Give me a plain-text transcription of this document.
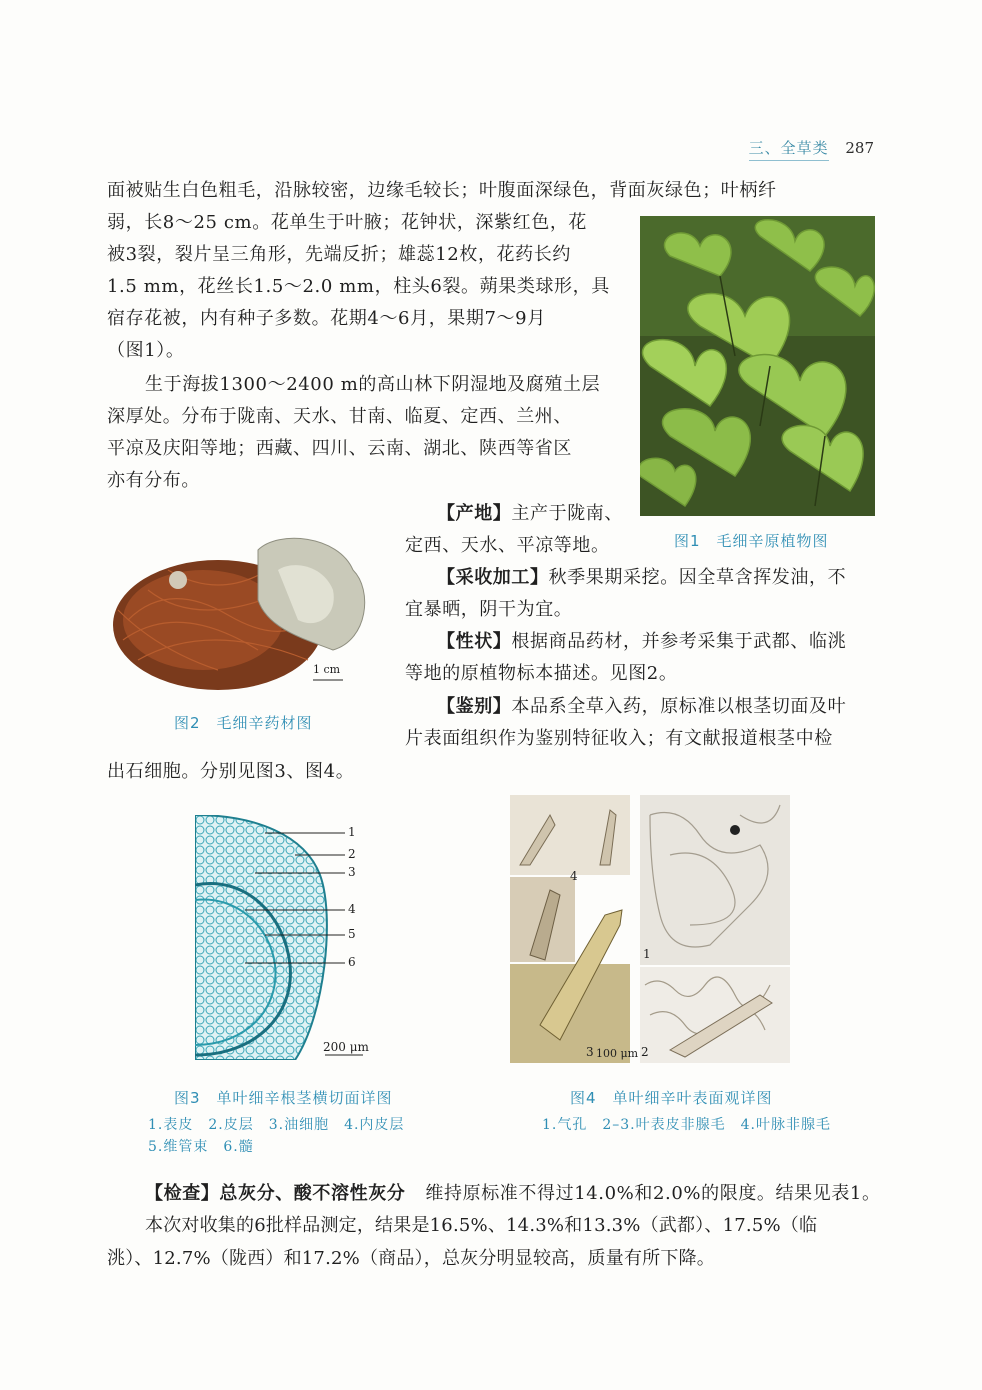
三、全草类 287
面被贴生白色粗毛，沿脉较密，边缘毛较长；叶腹面深绿色，背面灰绿色；叶柄纤
弱，长8～25 cm。花单生于叶腋；花钟状，深紫红色，花
被3裂，裂片呈三角形，先端反折；雄蕊12枚，花药长约
1.5 mm，花丝长1.5～2.0 mm，柱头6裂。蒴果类球形，具
宿存花被，内有种子多数。花期4～6月，果期7～9月
（图1）。
生于海拔1300～2400 m的高山林下阴湿地及腐殖土层
深厚处。分布于陇南、天水、甘南、临夏、定西、兰州、
平凉及庆阳等地；西藏、四川、云南、湖北、陕西等省区
亦有分布。
图1　毛细辛原植物图
1 cm
图2　毛细辛药材图
【产地】主产于陇南、
定西、天水、平凉等地。
【采收加工】秋季果期采挖。因全草含挥发油，不
宜暴晒，阴干为宜。
【性状】根据商品药材，并参考采集于武都、临洮
等地的原植物标本描述。见图2。
【鉴别】本品系全草入药，原标准以根茎切面及叶
片表面组织作为鉴别特征收入；有文献报道根茎中检
出石细胞。分别见图3、图4。
1
2
3
4
5
6
200 μm
图3　单叶细辛根茎横切面详图
1.表皮　2.皮层　3.油细胞　4.内皮层
5.维管束　6.髓
4
1
3 100 μm 2
图4　单叶细辛叶表面观详图
1.气孔　2–3.叶表皮非腺毛　4.叶脉非腺毛
【检查】总灰分、酸不溶性灰分 维持原标准不得过14.0%和2.0%的限度。结果见表1。
本次对收集的6批样品测定，结果是16.5%、14.3%和13.3%（武都）、17.5%（临
洮）、12.7%（陇西）和17.2%（商品），总灰分明显较高，质量有所下降。
